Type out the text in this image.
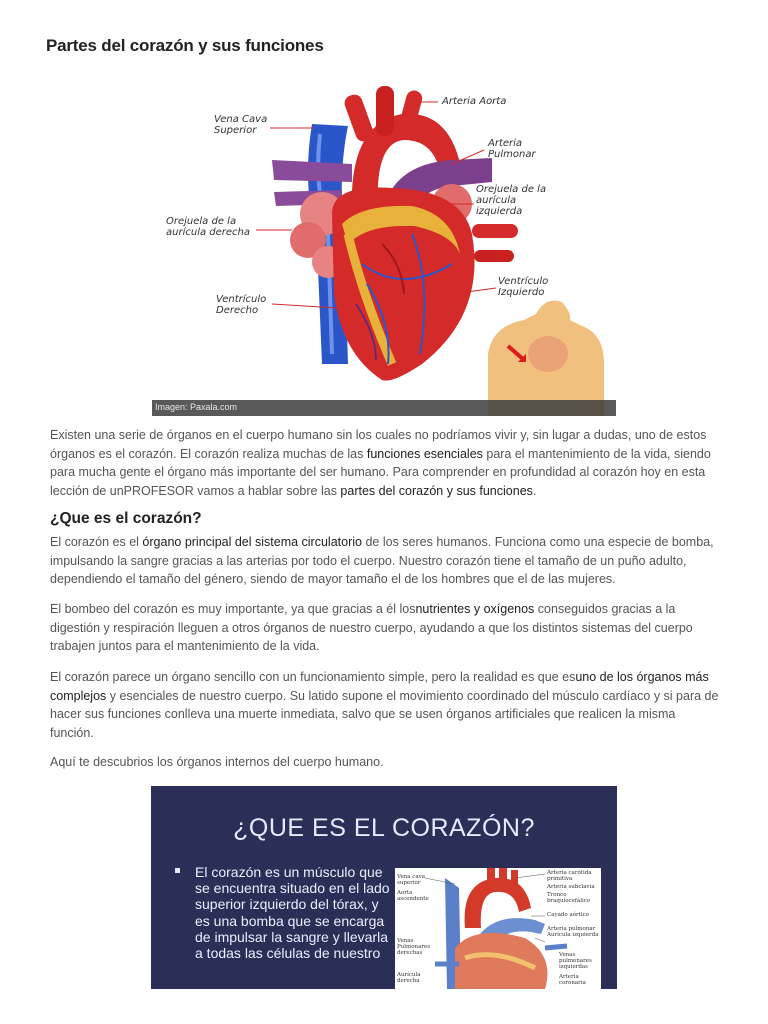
Partes del corazón y sus funciones
Arteria Aorta
Vena Cava
Superior
Arteria
Pulmonar
Orejuela de la
aurícula
izquierda
Orejuela de la
aurícula derecha
Ventrículo
Izquierdo
Ventrículo
Derecho
Imagen: Paxala.com

Existen una serie de órganos en el cuerpo humano sin los cuales no podríamos vivir y, sin lugar a dudas, uno de estos órganos es el corazón. El corazón realiza muchas de las funciones esenciales para el mantenimiento de la vida, siendo para mucha gente el órgano más importante del ser humano. Para comprender en profundidad al corazón hoy en esta lección de unPROFESOR vamos a hablar sobre las partes del corazón y sus funciones.

¿Que es el corazón?

El corazón es el órgano principal del sistema circulatorio de los seres humanos. Funciona como una especie de bomba, impulsando la sangre gracias a las arterias por todo el cuerpo. Nuestro corazón tiene el tamaño de un puño adulto, dependiendo el tamaño del género, siendo de mayor tamaño el de los hombres que el de las mujeres.

El bombeo del corazón es muy importante, ya que gracias a él losnutrientes y oxígenos conseguidos gracias a la digestión y respiración lleguen a otros órganos de nuestro cuerpo, ayudando a que los distintos sistemas del cuerpo trabajen juntos para el mantenimiento de la vida.

El corazón parece un órgano sencillo con un funcionamiento simple, pero la realidad es que esuno de los órganos más complejos y esenciales de nuestro cuerpo. Su latido supone el movimiento coordinado del músculo cardíaco y si para de hacer sus funciones conlleva una muerte inmediata, salvo que se usen órganos artificiales que realicen la misma función.

Aquí te descubrios los órganos internos del cuerpo humano.

¿QUE ES EL CORAZÓN?
El corazón es un músculo que se encuentra situado en el lado superior izquierdo del tórax, y es una bomba que se encarga de impulsar la sangre y llevarla a todas las células de nuestro
Vena cava
superior
Aorta
ascendente
Venas
Pulmonares
derechas
Aurícula
derecha
Arteria carótida
primitiva
Arteria subclavia
Tronco
braquiocefálico
Cayado aórtico
Arteria pulmonar
Aurícula izquierda
Venas
pulmonares
izquierdas
Arteria
coronaria
